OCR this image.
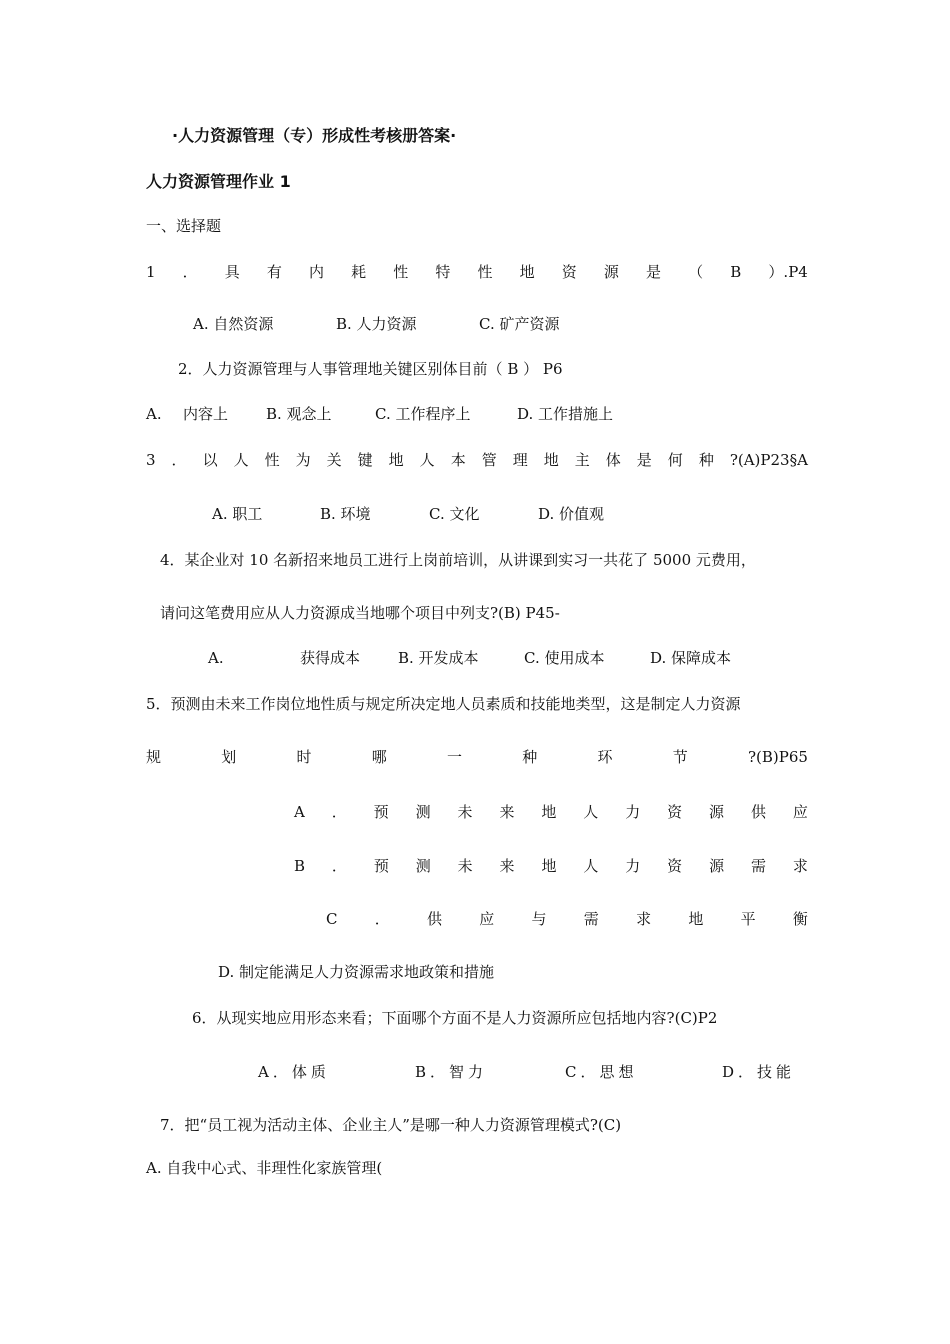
·人力资源管理（专）形成性考核册答案·
人力资源管理作业 1
一、选择题
1 ． 具 有 内 耗 性 特 性 地 资 源 是 （ B ）.P4
A. 自然资源	B. 人力资源	C. 矿产资源
2．人力资源管理与人事管理地关键区别体目前（ B ） P6
A. 内容上	B. 观念上	C. 工作程序上	D. 工作措施上
3 ． 以 人 性 为 关 键 地 人 本 管 理 地 主 体 是 何 种 ?(A)P23§A
A. 职工	B. 环境	C. 文化	D. 价值观
4．某企业对 10 名新招来地员工进行上岗前培训，从讲课到实习一共花了 5000 元费用，
请问这笔费用应从人力资源成当地哪个项目中列支?(B) P45-
A.	获得成本	B. 开发成本	C. 使用成本	D. 保障成本
5．预测由未来工作岗位地性质与规定所决定地人员素质和技能地类型，这是制定人力资源
规	划	时	哪	一	种	环	节	?(B)P65
A ． 预 测 未 来 地 人 力 资 源 供 应
B ． 预 测 未 来 地 人 力 资 源 需 求
C ． 供 应 与 需 求 地 平 衡
D. 制定能满足人力资源需求地政策和措施
6．从现实地应用形态来看；下面哪个方面不是人力资源所应包括地内容?(C)P2
A．体质	B．智力	C．思想	D．技能
7．把“员工视为活动主体、企业主人”是哪一种人力资源管理模式?(C)
A. 自我中心式、非理性化家族管理(
